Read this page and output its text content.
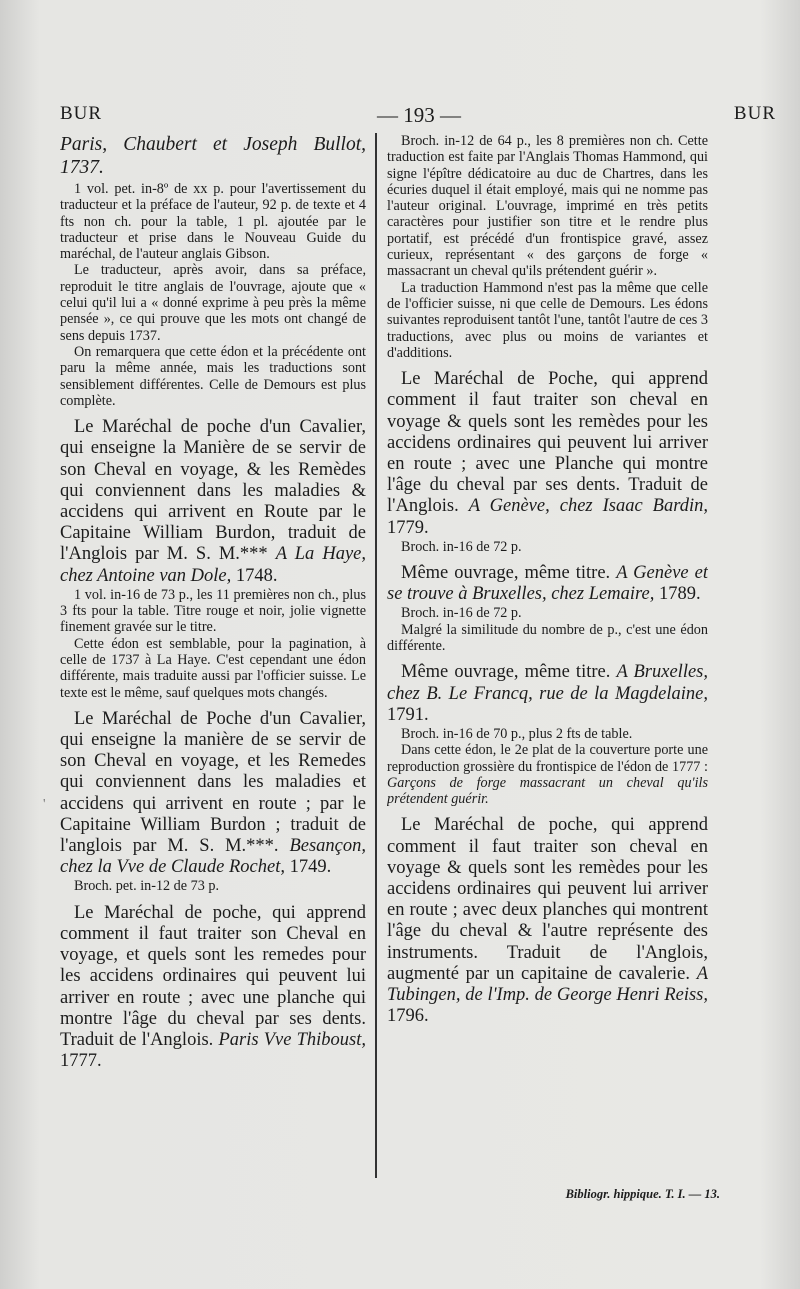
BUR	— 193 —	BUR
'

Paris, Chaubert et Joseph Bullot, 1737.

1 vol. pet. in-8º de xx p. pour l'avertissement du traducteur et la préface de l'auteur, 92 p. de texte et 4 fts non ch. pour la table, 1 pl. ajoutée par le traducteur et prise dans le Nouveau Guide du maréchal, de l'auteur anglais Gibson.

Le traducteur, après avoir, dans sa préface, reproduit le titre anglais de l'ouvrage, ajoute que « celui qu'il lui a « donné exprime à peu près la même pensée », ce qui prouve que les mots ont changé de sens depuis 1737.

On remarquera que cette édon et la précédente ont paru la même année, mais les traductions sont sensiblement différentes. Celle de Demours est plus complète.

Le Maréchal de poche d'un Cavalier, qui enseigne la Manière de se servir de son Cheval en voyage, & les Remèdes qui conviennent dans les maladies & accidens qui arrivent en Route par le Capitaine William Burdon, traduit de l'Anglois par M. S. M.*** A La Haye, chez Antoine van Dole, 1748.

1 vol. in-16 de 73 p., les 11 premières non ch., plus 3 fts pour la table. Titre rouge et noir, jolie vignette finement gravée sur le titre.

Cette édon est semblable, pour la pagination, à celle de 1737 à La Haye. C'est cependant une édon différente, mais traduite aussi par l'officier suisse. Le texte est le même, sauf quelques mots changés.

Le Maréchal de Poche d'un Cavalier, qui enseigne la manière de se servir de son Cheval en voyage, et les Remedes qui conviennent dans les maladies et accidens qui arrivent en route ; par le Capitaine William Burdon ; traduit de l'anglois par M. S. M.***. Besançon, chez la Vve de Claude Rochet, 1749.

Broch. pet. in-12 de 73 p.

Le Maréchal de poche, qui apprend comment il faut traiter son Cheval en voyage, et quels sont les remedes pour les accidens ordinaires qui peuvent lui arriver en route ; avec une planche qui montre l'âge du cheval par ses dents. Traduit de l'Anglois. Paris Vve Thiboust, 1777.

Broch. in-12 de 64 p., les 8 premières non ch. Cette traduction est faite par l'Anglais Thomas Hammond, qui signe l'épître dédicatoire au duc de Chartres, dans les écuries duquel il était employé, mais qui ne nomme pas l'auteur original. L'ouvrage, imprimé en très petits caractères pour justifier son titre et le rendre plus portatif, est précédé d'un frontispice gravé, assez curieux, représentant « des garçons de forge « massacrant un cheval qu'ils prétendent guérir ».

La traduction Hammond n'est pas la même que celle de l'officier suisse, ni que celle de Demours. Les édons suivantes reproduisent tantôt l'une, tantôt l'autre de ces 3 traductions, avec plus ou moins de variantes et d'additions.

Le Maréchal de Poche, qui apprend comment il faut traiter son cheval en voyage & quels sont les remèdes pour les accidens ordinaires qui peuvent lui arriver en route ; avec une Planche qui montre l'âge du cheval par ses dents. Traduit de l'Anglois. A Genève, chez Isaac Bardin, 1779.

Broch. in-16 de 72 p.

Même ouvrage, même titre. A Genève et se trouve à Bruxelles, chez Lemaire, 1789.

Broch. in-16 de 72 p.

Malgré la similitude du nombre de p., c'est une édon différente.

Même ouvrage, même titre. A Bruxelles, chez B. Le Francq, rue de la Magdelaine, 1791.

Broch. in-16 de 70 p., plus 2 fts de table.

Dans cette édon, le 2e plat de la couverture porte une reproduction grossière du frontispice de l'édon de 1777 : Garçons de forge massacrant un cheval qu'ils prétendent guérir.

Le Maréchal de poche, qui apprend comment il faut traiter son cheval en voyage & quels sont les remèdes pour les accidens ordinaires qui peuvent lui arriver en route ; avec deux planches qui montrent l'âge du cheval & l'autre représente des instruments. Traduit de l'Anglois, augmenté par un capitaine de cavalerie. A Tubingen, de l'Imp. de George Henri Reiss, 1796.

Bibliogr. hippique. T. I. — 13.
